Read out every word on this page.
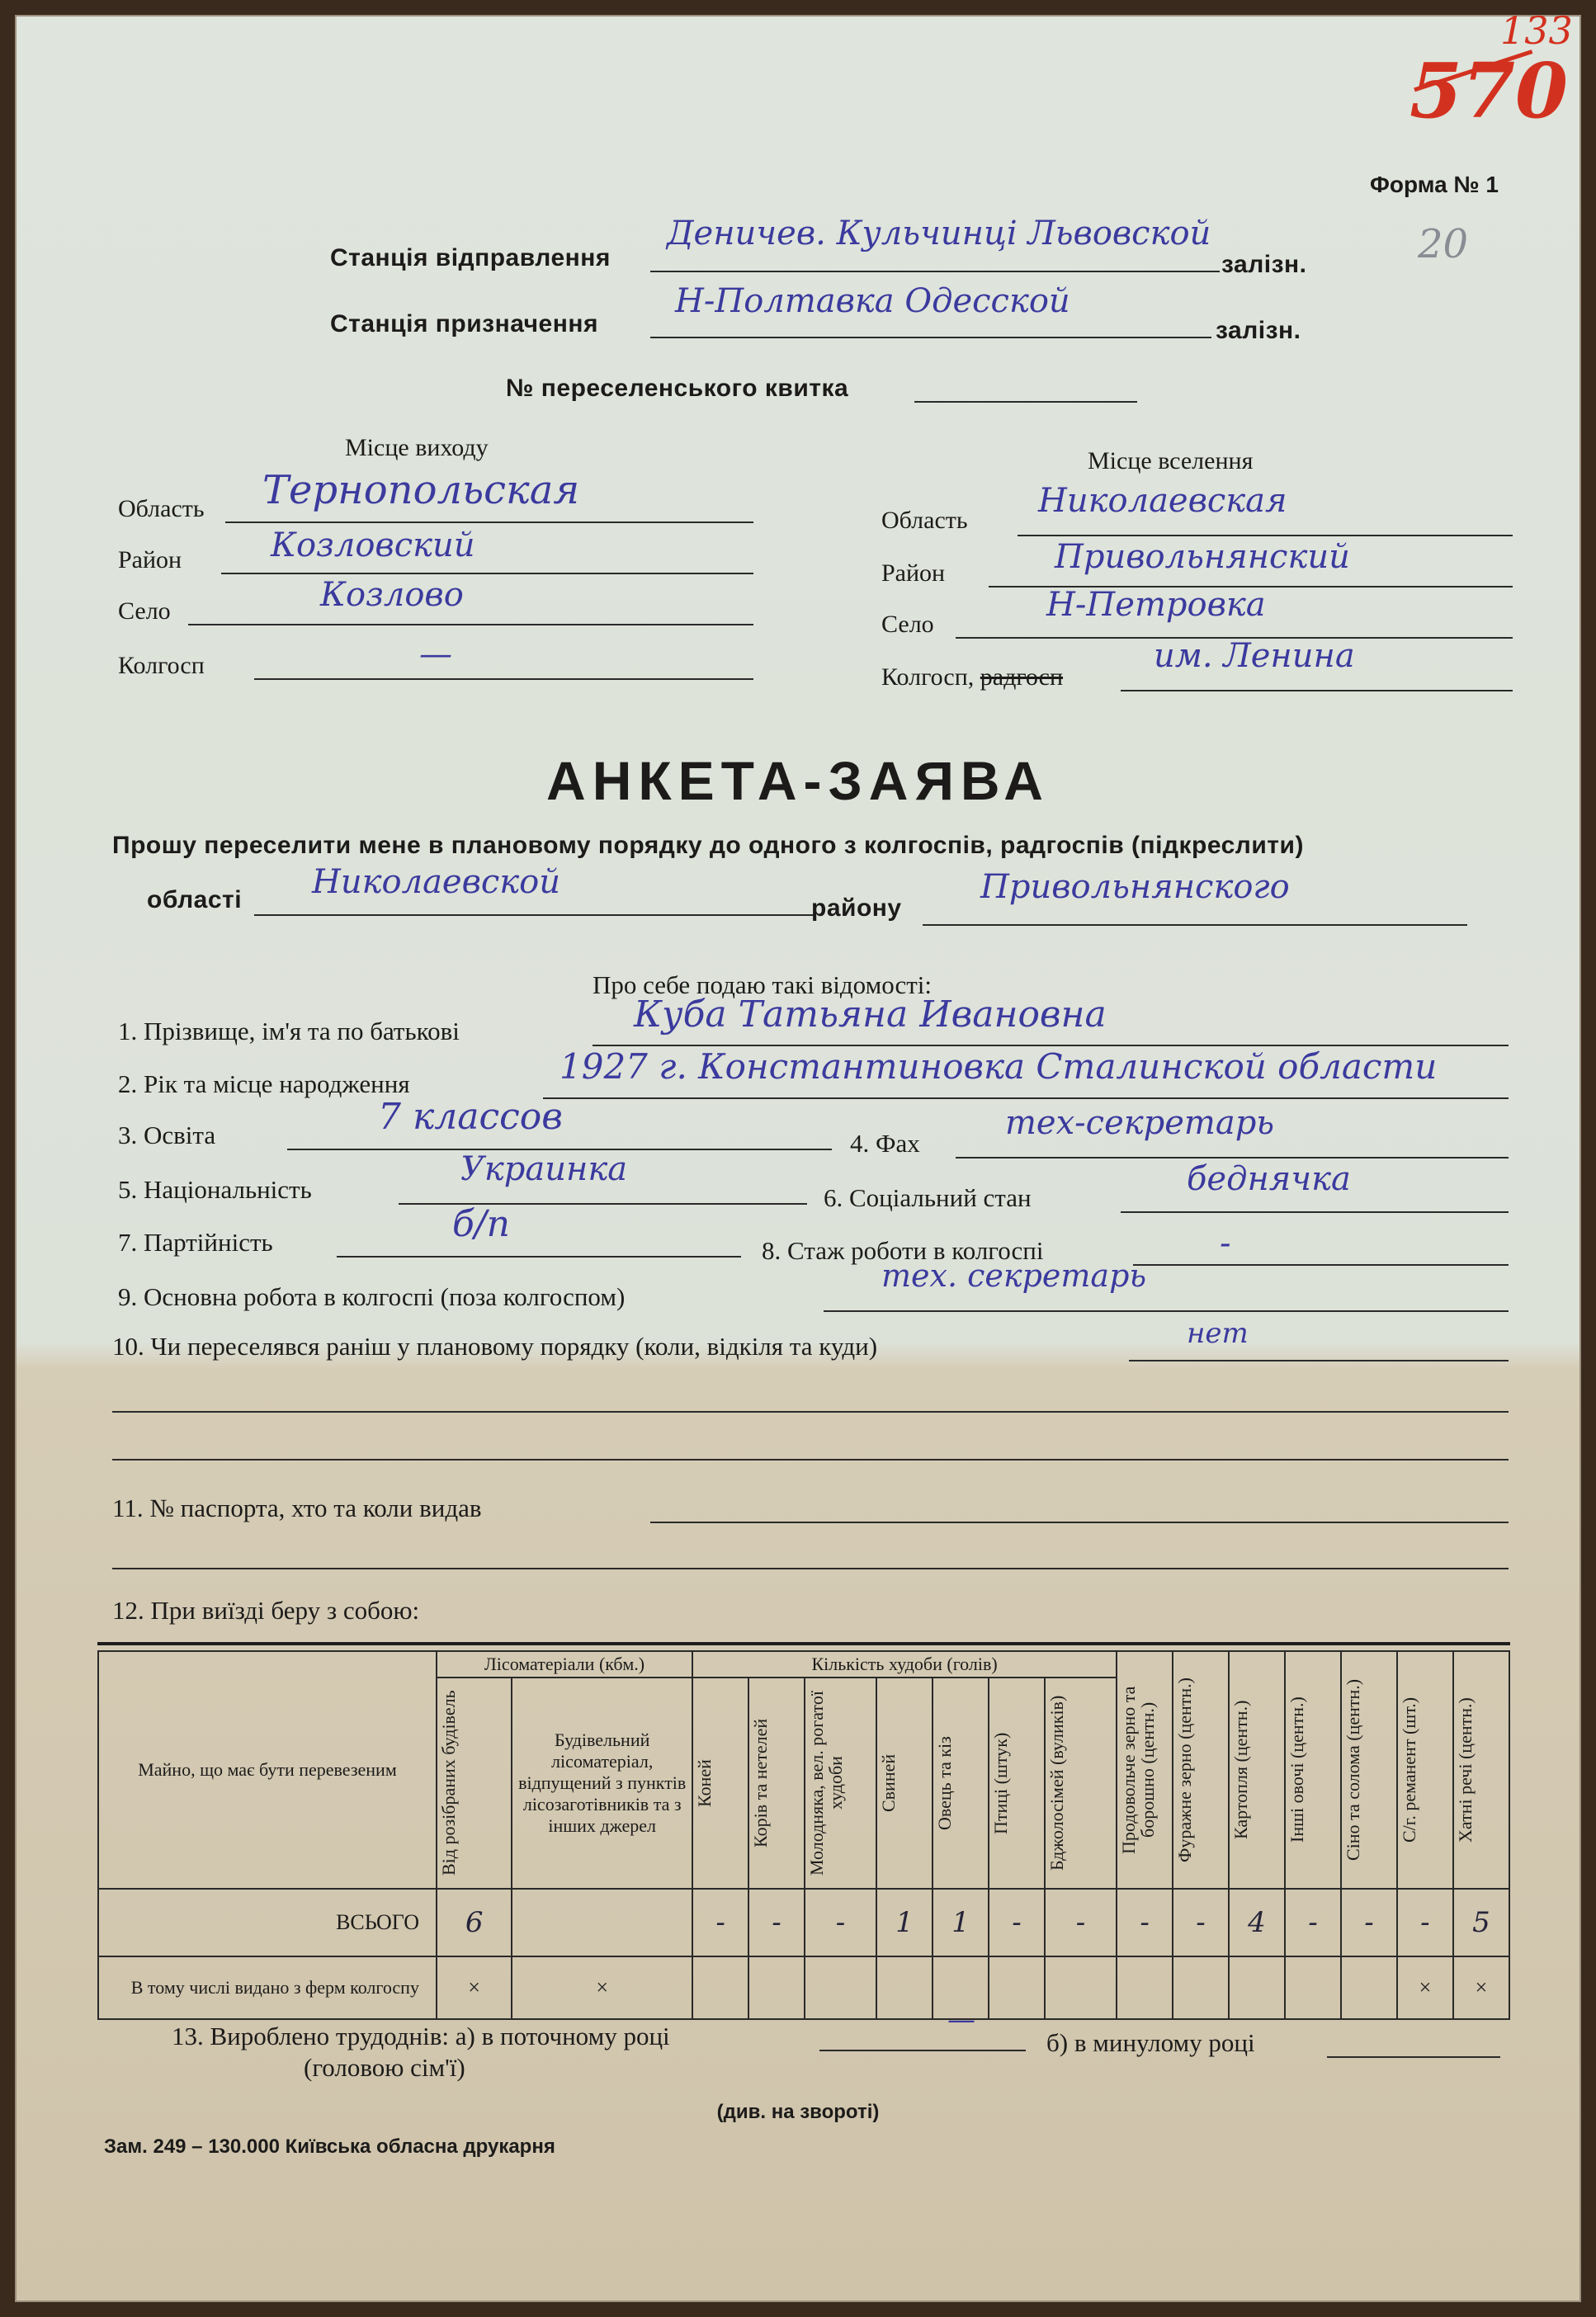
133
570
Форма № 1
20
Станція відправлення
Деничев. Кульчинці Львовской
залізн.
Станція призначення
Н-Полтавка Одесской
залізн.
№ переселенського квитка
Місце виходу
Область Тернопольская
Район	Козловский
Село	Козлово
Колгосп	—
Місце вселення
Область
Николаевская
Район	Привольнянский
Село
Н-Петровка
Колгосп, радгосп
им. Ленина
АНКЕТА-ЗАЯВА
Прошу переселити мене в плановому порядку до одного з колгоспів, радгоспів (підкреслити)
області Николаевской
району
Привольнянского
Про себе подаю такі відомості:
1. Прізвище, ім'я та по батькові	Куба Татьяна Ивановна
2. Рік та місце народження	1927 г. Константиновка Сталинской области
3. Освіта	7 классов
4. Фах
тех-секретарь
5. Національність
Украинка
6. Соціальний стан	беднячка
7. Партійність	б/п
8. Стаж роботи в колгоспі	-
9. Основна робота в колгоспі (поза колгоспом)
тех. секретарь
10. Чи переселявся раніш у плановому порядку (коли, відкіля та куди)	нет
11. № паспорта, хто та коли видав
12. При виїзді беру з собою:
Майно, що має бути перевезеним	Лісоматеріали (кбм.)		Кількість худоби (голів)							Продовольче зерно та борошно (центн.)	Фуражне зерно (центн.)	Картопля (центн.)	Інші овочі (центн.)	Сіно та солома (центн.)	С/г. реманент (шт.)	Хатні речі (центн.)

	Від розібраних будівель	Будівельний лісоматеріал, відпущений з пунктів лісозаготівників та з інших джерел	Коней	Корів та нетелей	Молодняка, вел. рогатої худоби	Свиней	Овець та кіз	Птиці (штук)	Бджолосімей (вуликів)							

ВСЬОГО	6		-	-	-	1	1	-	-	-	-	4	-	-	-	5
В тому числі видано з ферм колгоспу	×	×													×	×
13. Вироблено трудоднів: а) в поточному році	—
б) в минулому році
(головою сім'ї)
(див. на звороті)
Зам. 249 – 130.000 Київська обласна друкарня
